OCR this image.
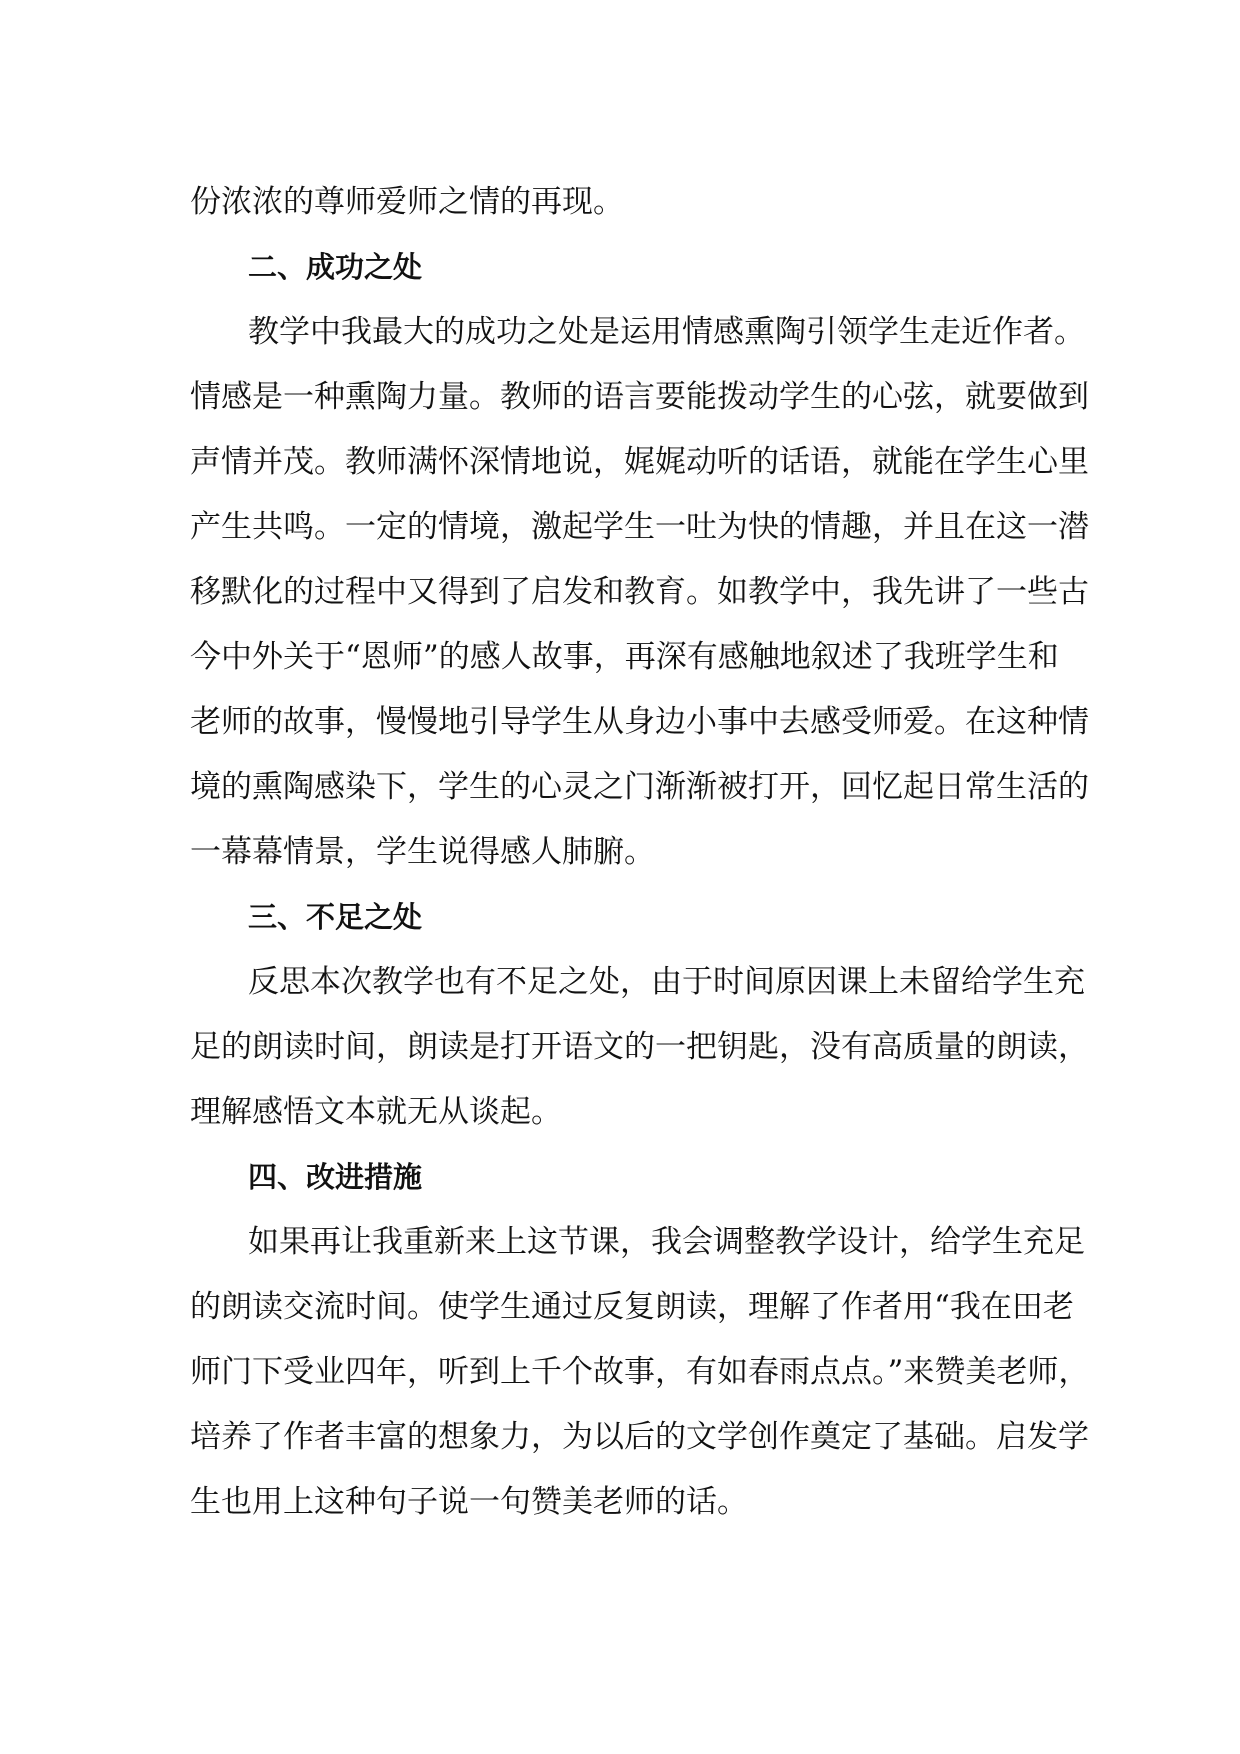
份浓浓的尊师爱师之情的再现。
二、成功之处
教学中我最大的成功之处是运用情感熏陶引领学生走近作者。
情感是一种熏陶力量。教师的语言要能拨动学生的心弦，就要做到
声情并茂。教师满怀深情地说，娓娓动听的话语，就能在学生心里
产生共鸣。一定的情境，激起学生一吐为快的情趣，并且在这一潜
移默化的过程中又得到了启发和教育。如教学中，我先讲了一些古
今中外关于“恩师”的感人故事，再深有感触地叙述了我班学生和
老师的故事，慢慢地引导学生从身边小事中去感受师爱。在这种情
境的熏陶感染下，学生的心灵之门渐渐被打开，回忆起日常生活的
一幕幕情景，学生说得感人肺腑。
三、不足之处
反思本次教学也有不足之处，由于时间原因课上未留给学生充
足的朗读时间，朗读是打开语文的一把钥匙，没有高质量的朗读，
理解感悟文本就无从谈起。
四、改进措施
如果再让我重新来上这节课，我会调整教学设计，给学生充足
的朗读交流时间。使学生通过反复朗读，理解了作者用“我在田老
师门下受业四年，听到上千个故事，有如春雨点点。”来赞美老师，
培养了作者丰富的想象力，为以后的文学创作奠定了基础。启发学
生也用上这种句子说一句赞美老师的话。
